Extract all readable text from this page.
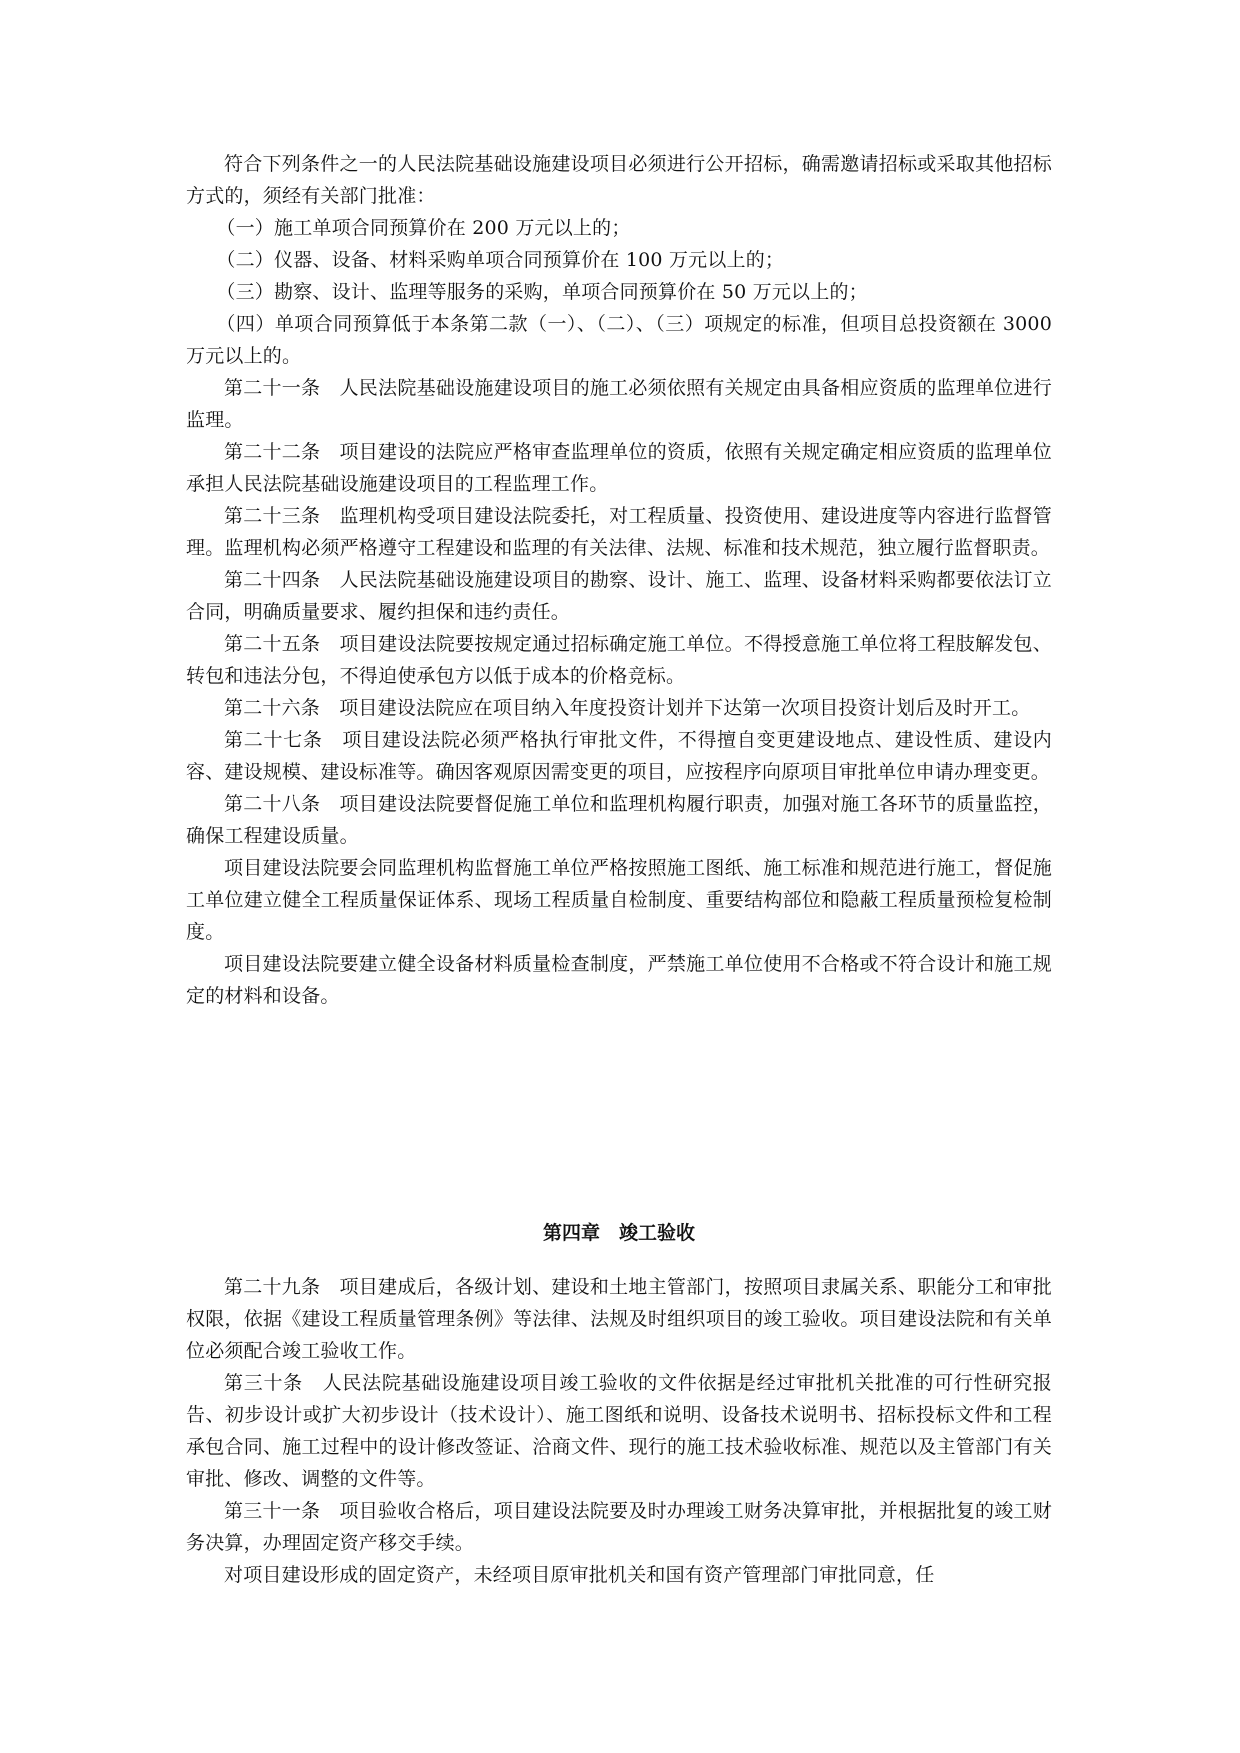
符合下列条件之一的人民法院基础设施建设项目必须进行公开招标，确需邀请招标或采取其他招标方式的，须经有关部门批准：

（一）施工单项合同预算价在 200 万元以上的；

（二）仪器、设备、材料采购单项合同预算价在 100 万元以上的；

（三）勘察、设计、监理等服务的采购，单项合同预算价在 50 万元以上的；

（四）单项合同预算低于本条第二款（一）、（二）、（三）项规定的标准，但项目总投资额在 3000 万元以上的。

第二十一条　人民法院基础设施建设项目的施工必须依照有关规定由具备相应资质的监理单位进行监理。

第二十二条　项目建设的法院应严格审查监理单位的资质，依照有关规定确定相应资质的监理单位承担人民法院基础设施建设项目的工程监理工作。

第二十三条　监理机构受项目建设法院委托，对工程质量、投资使用、建设进度等内容进行监督管理。监理机构必须严格遵守工程建设和监理的有关法律、法规、标准和技术规范，独立履行监督职责。

第二十四条　人民法院基础设施建设项目的勘察、设计、施工、监理、设备材料采购都要依法订立合同，明确质量要求、履约担保和违约责任。

第二十五条　项目建设法院要按规定通过招标确定施工单位。不得授意施工单位将工程肢解发包、转包和违法分包，不得迫使承包方以低于成本的价格竞标。

第二十六条　项目建设法院应在项目纳入年度投资计划并下达第一次项目投资计划后及时开工。

第二十七条　项目建设法院必须严格执行审批文件，不得擅自变更建设地点、建设性质、建设内容、建设规模、建设标准等。确因客观原因需变更的项目，应按程序向原项目审批单位申请办理变更。

第二十八条　项目建设法院要督促施工单位和监理机构履行职责，加强对施工各环节的质量监控，确保工程建设质量。

项目建设法院要会同监理机构监督施工单位严格按照施工图纸、施工标准和规范进行施工，督促施工单位建立健全工程质量保证体系、现场工程质量自检制度、重要结构部位和隐蔽工程质量预检复检制度。

项目建设法院要建立健全设备材料质量检查制度，严禁施工单位使用不合格或不符合设计和施工规定的材料和设备。

第四章　竣工验收

第二十九条　项目建成后，各级计划、建设和土地主管部门，按照项目隶属关系、职能分工和审批权限，依据《建设工程质量管理条例》等法律、法规及时组织项目的竣工验收。项目建设法院和有关单位必须配合竣工验收工作。

第三十条　人民法院基础设施建设项目竣工验收的文件依据是经过审批机关批准的可行性研究报告、初步设计或扩大初步设计（技术设计）、施工图纸和说明、设备技术说明书、招标投标文件和工程承包合同、施工过程中的设计修改签证、洽商文件、现行的施工技术验收标准、规范以及主管部门有关审批、修改、调整的文件等。

第三十一条　项目验收合格后，项目建设法院要及时办理竣工财务决算审批，并根据批复的竣工财务决算，办理固定资产移交手续。

对项目建设形成的固定资产，未经项目原审批机关和国有资产管理部门审批同意，任
